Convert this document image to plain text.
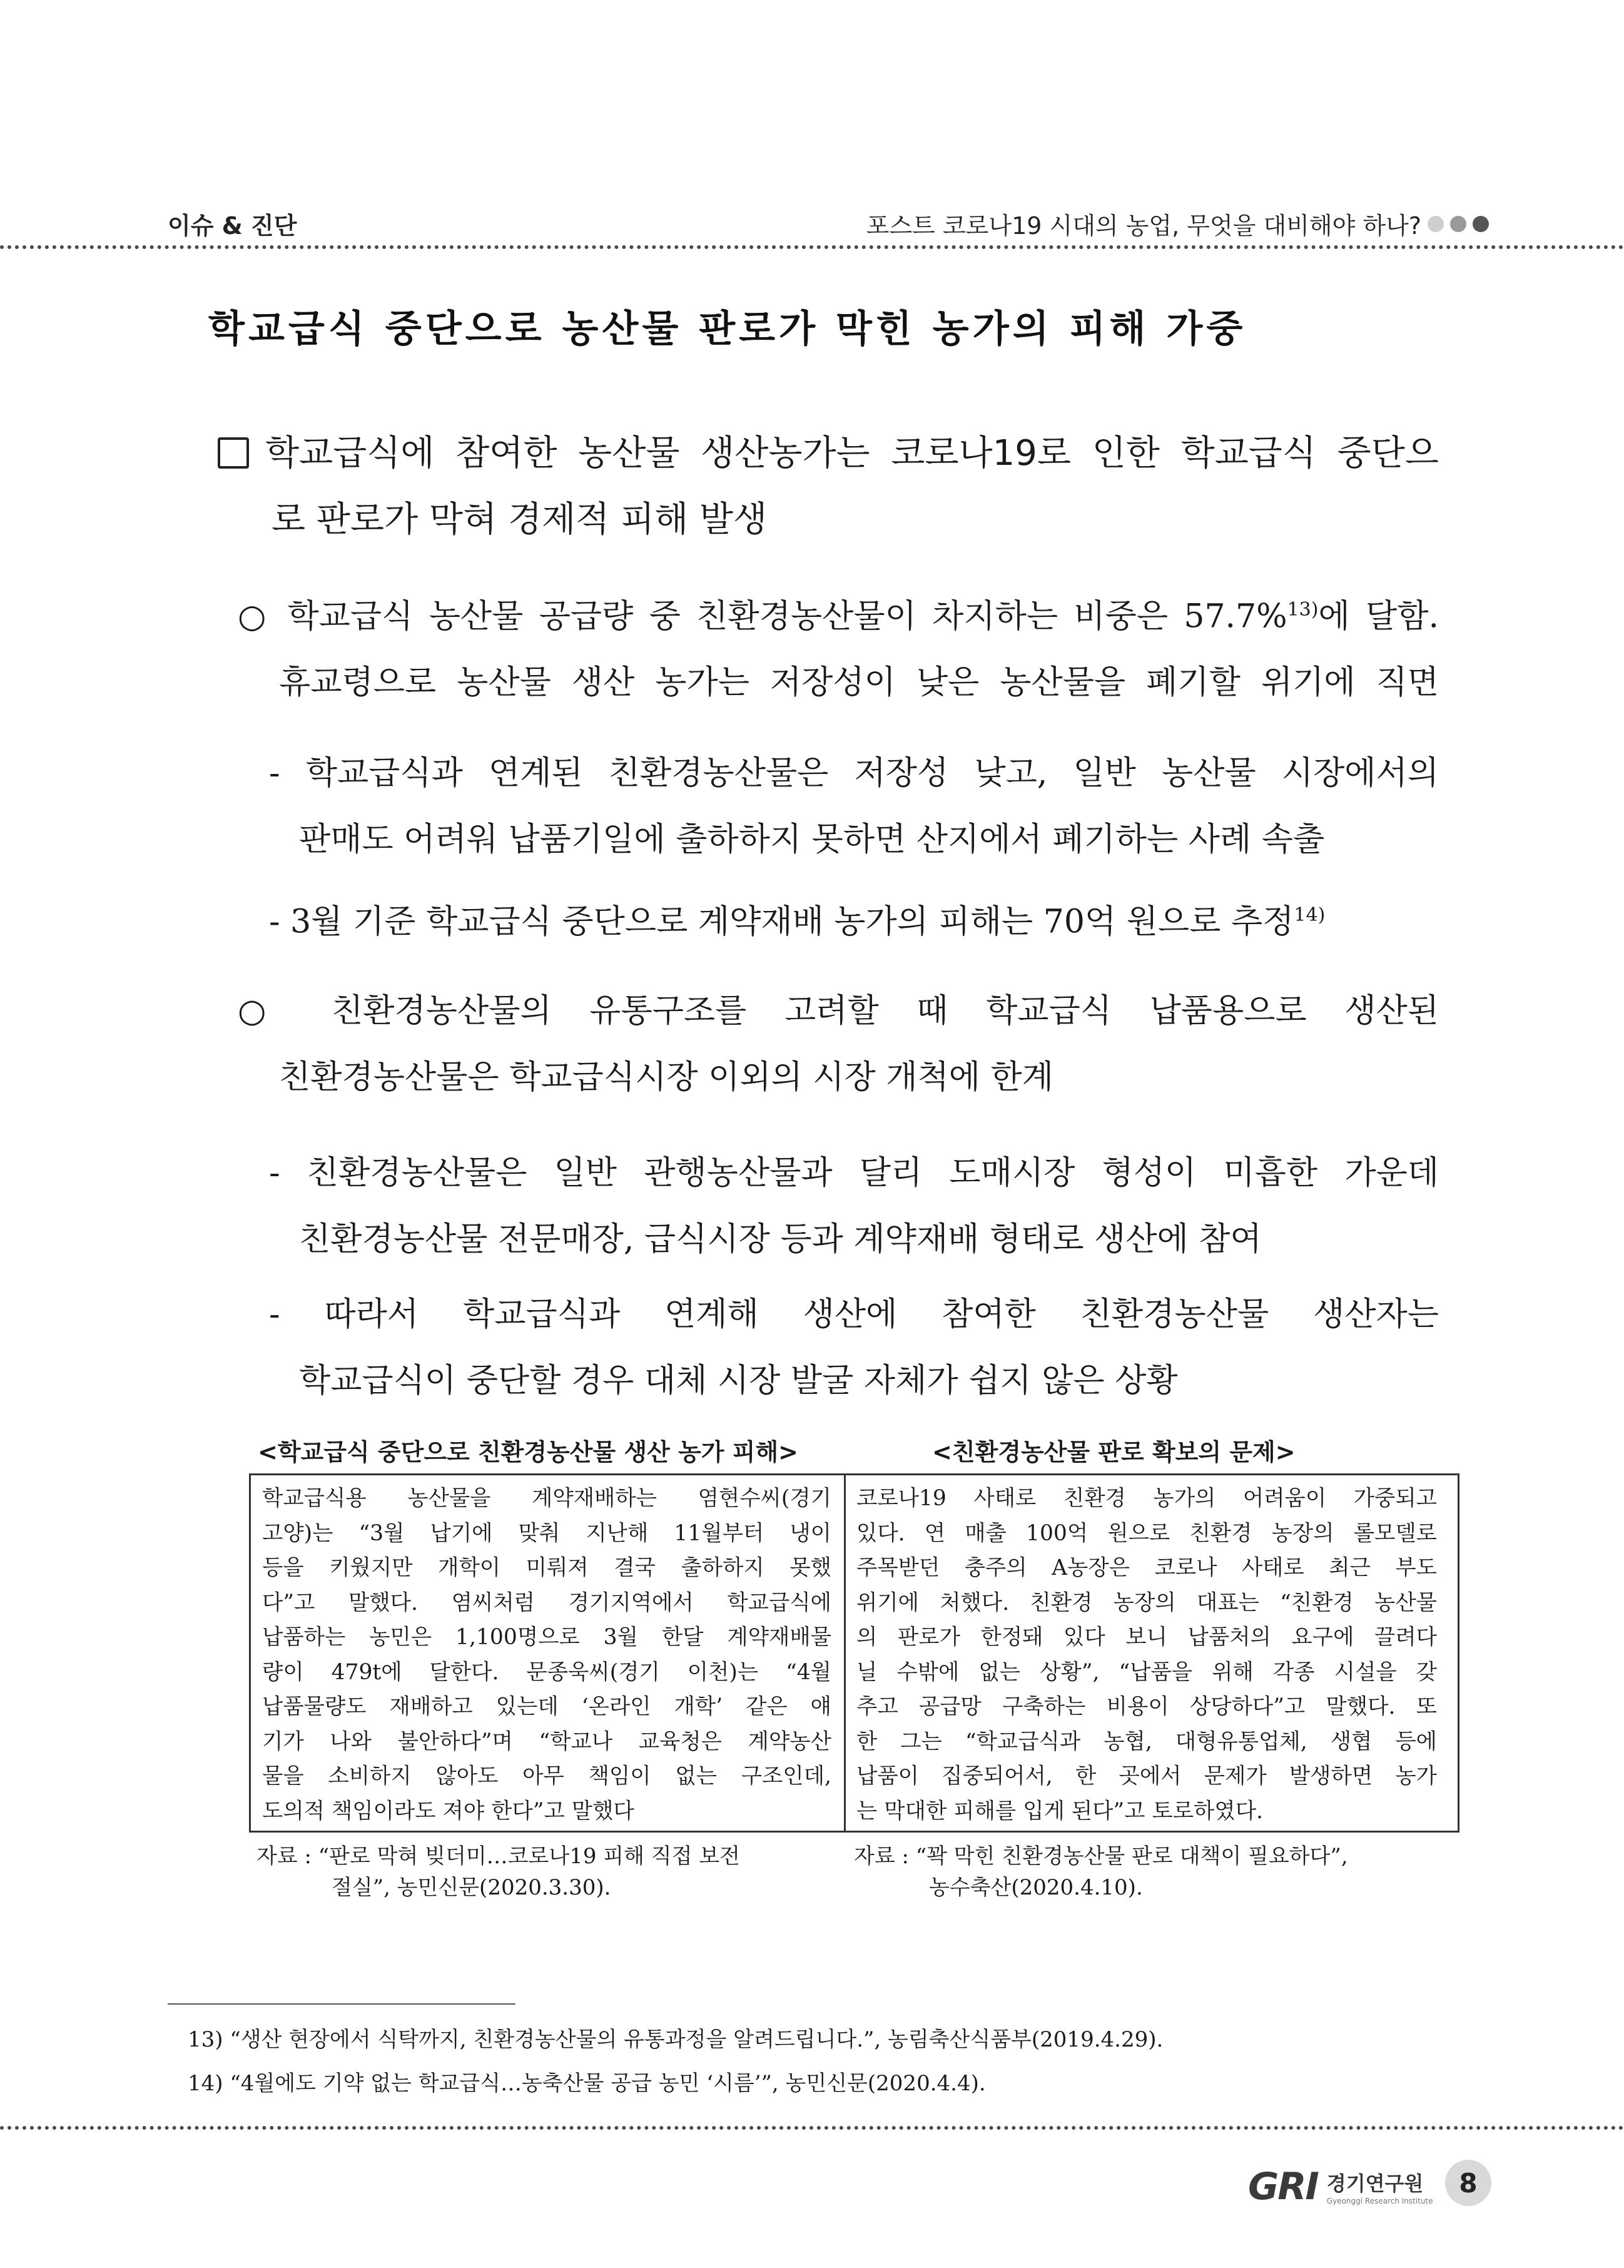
이슈 & 진단	포스트 코로나19 시대의 농업, 무엇을 대비해야 하나?
학교급식 중단으로 농산물 판로가 막힌 농가의 피해 가중
학교급식에 참여한 농산물 생산농가는 코로나19로 인한 학교급식 중단으
로 판로가 막혀 경제적 피해 발생
○ 학교급식 농산물 공급량 중 친환경농산물이 차지하는 비중은 57.7%$^{13)}$에 달함.
휴교령으로 농산물 생산 농가는 저장성이 낮은 농산물을 폐기할 위기에 직면
- 학교급식과 연계된 친환경농산물은 저장성 낮고, 일반 농산물 시장에서의
판매도 어려워 납품기일에 출하하지 못하면 산지에서 폐기하는 사례 속출
- 3월 기준 학교급식 중단으로 계약재배 농가의 피해는 70억 원으로 추정$^{14)}$
○ 친환경농산물의 유통구조를 고려할 때 학교급식 납품용으로 생산된
친환경농산물은 학교급식시장 이외의 시장 개척에 한계
- 친환경농산물은 일반 관행농산물과 달리 도매시장 형성이 미흡한 가운데
친환경농산물 전문매장, 급식시장 등과 계약재배 형태로 생산에 참여
- 따라서 학교급식과 연계해 생산에 참여한 친환경농산물 생산자는
학교급식이 중단할 경우 대체 시장 발굴 자체가 쉽지 않은 상황
<학교급식 중단으로 친환경농산물 생산 농가 피해>	<친환경농산물 판로 확보의 문제>
학교급식용 농산물을 계약재배하는 염현수씨(경기
고양)는 “3월 납기에 맞춰 지난해 11월부터 냉이
등을 키웠지만 개학이 미뤄져 결국 출하하지 못했
다”고 말했다. 염씨처럼 경기지역에서 학교급식에
납품하는 농민은 1,100명으로 3월 한달 계약재배물
량이 479t에 달한다. 문종욱씨(경기 이천)는 “4월
납품물량도 재배하고 있는데 ‘온라인 개학’ 같은 얘
기가 나와 불안하다”며 “학교나 교육청은 계약농산
물을 소비하지 않아도 아무 책임이 없는 구조인데,
도의적 책임이라도 져야 한다”고 말했다
코로나19 사태로 친환경 농가의 어려움이 가중되고
있다. 연 매출 100억 원으로 친환경 농장의 롤모델로
주목받던 충주의 A농장은 코로나 사태로 최근 부도
위기에 처했다. 친환경 농장의 대표는 “친환경 농산물
의 판로가 한정돼 있다 보니 납품처의 요구에 끌려다
닐 수밖에 없는 상황”, “납품을 위해 각종 시설을 갖
추고 공급망 구축하는 비용이 상당하다”고 말했다. 또
한 그는 “학교급식과 농협, 대형유통업체, 생협 등에
납품이 집중되어서, 한 곳에서 문제가 발생하면 농가
는 막대한 피해를 입게 된다”고 토로하였다.
자료 : “판로 막혀 빚더미…코로나19 피해 직접 보전
절실”, 농민신문(2020.3.30).
자료 : “꽉 막힌 친환경농산물 판로 대책이 필요하다”,
농수축산(2020.4.10).
13) “생산 현장에서 식탁까지, 친환경농산물의 유통과정을 알려드립니다.”, 농림축산식품부(2019.4.29).
14) “4월에도 기약 없는 학교급식…농축산물 공급 농민 ‘시름’”, 농민신문(2020.4.4).
GRI 경기연구원
Gyeonggi Research Institute
8
